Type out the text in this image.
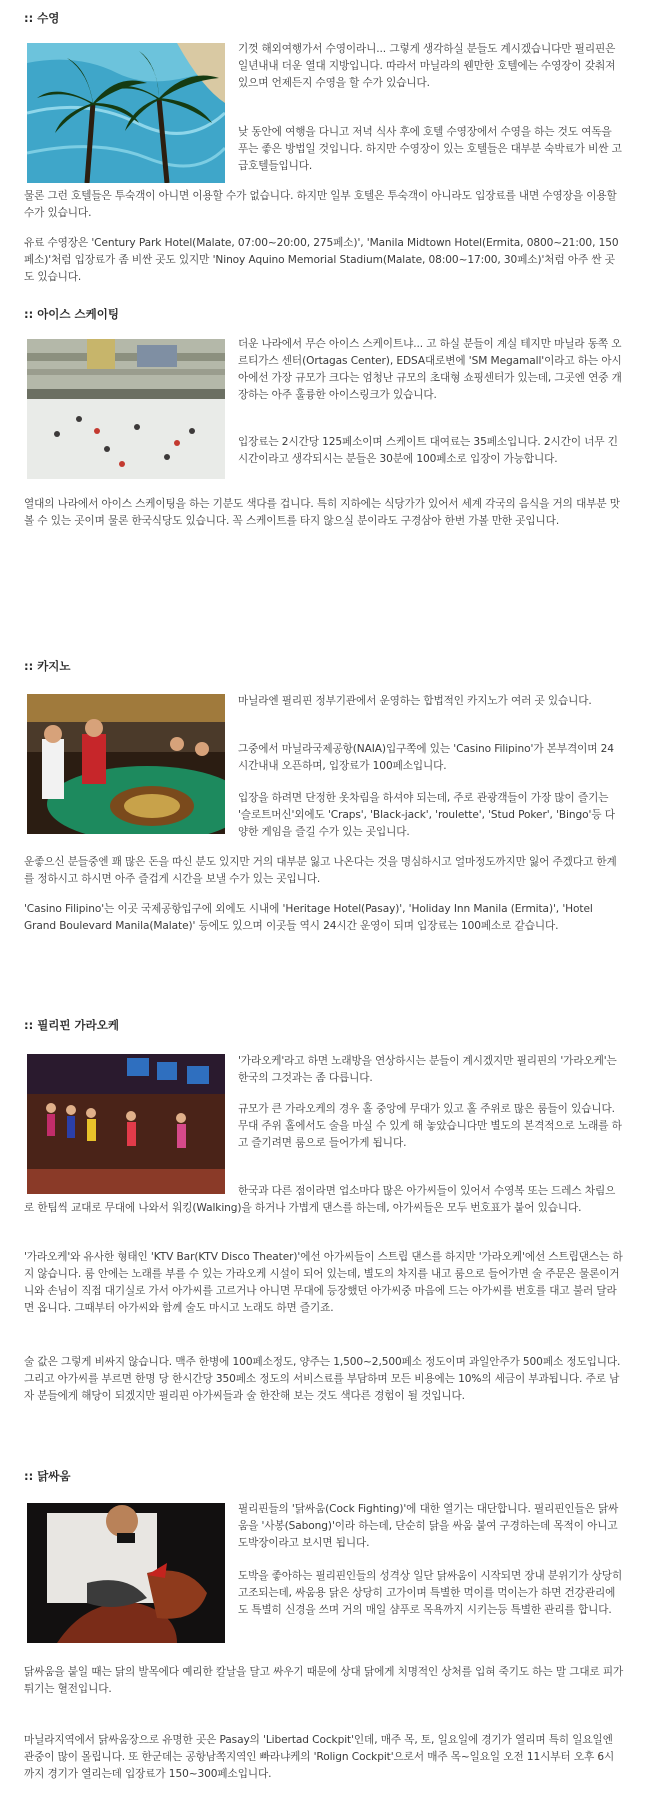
:: 수영
기껏 해외여행가서 수영이라니... 그렇게 생각하실 분들도 계시겠습니다만 필리핀은 일년내내 더운 열대 지방입니다. 따라서 마닐라의 웬만한 호텔에는 수영장이 갖춰져 있으며 언제든지 수영을 할 수가 있습니다.
낮 동안에 여행을 다니고 저녁 식사 후에 호텔 수영장에서 수영을 하는 것도 여독을 푸는 좋은 방법일 것입니다. 하지만 수영장이 있는 호텔들은 대부분 숙박료가 비싼 고급호텔들입니다.
물론 그런 호텔들은 투숙객이 아니면 이용할 수가 없습니다. 하지만 일부 호텔은 투숙객이 아니라도 입장료를 내면 수영장을 이용할 수가 있습니다.
유료 수영장은 'Century Park Hotel(Malate, 07:00~20:00, 275페소)', 'Manila Midtown Hotel(Ermita, 0800~21:00, 150페소)'처럼 입장료가 좀 비싼 곳도 있지만 'Ninoy Aquino Memorial Stadium(Malate, 08:00~17:00, 30페소)'처럼 아주 싼 곳도 있습니다.
:: 아이스 스케이팅
더운 나라에서 무슨 아이스 스케이트냐... 고 하실 분들이 계실 테지만 마닐라 동쪽 오르티가스 센터(Ortagas Center), EDSA대로변에 'SM Megamall'이라고 하는 아시아에선 가장 규모가 크다는 엄청난 규모의 초대형 쇼핑센터가 있는데, 그곳엔 연중 개장하는 아주 훌륭한 아이스링크가 있습니다.
입장료는 2시간당 125페소이며 스케이트 대여료는 35페소입니다. 2시간이 너무 긴 시간이라고 생각되시는 분들은 30분에 100페소로 입장이 가능합니다.
열대의 나라에서 아이스 스케이팅을 하는 기분도 색다를 겁니다. 특히 지하에는 식당가가 있어서 세계 각국의 음식을 거의 대부분 맛볼 수 있는 곳이며 물론 한국식당도 있습니다. 꼭 스케이트를 타지 않으실 분이라도 구경삼아 한번 가볼 만한 곳입니다.
:: 카지노
마닐라엔 필리핀 정부기관에서 운영하는 합법적인 카지노가 여러 곳 있습니다.
그중에서 마닐라국제공항(NAIA)입구쪽에 있는 'Casino Filipino'가 본부격이며 24시간내내 오픈하며, 입장료가 100페소입니다.
입장을 하려면 단정한 옷차림을 하셔야 되는데, 주로 관광객들이 가장 많이 즐기는 '슬로트머신'외에도 'Craps', 'Black-jack', 'roulette', 'Stud Poker', 'Bingo'등 다양한 게임을 즐길 수가 있는 곳입니다.
운좋으신 분들중엔 꽤 많은 돈을 따신 분도 있지만 거의 대부분 잃고 나온다는 것을 명심하시고 얼마정도까지만 잃어 주겠다고 한계를 정하시고 하시면 아주 즐겁게 시간을 보낼 수가 있는 곳입니다.
'Casino Filipino'는 이곳 국제공항입구에 외에도 시내에 'Heritage Hotel(Pasay)', 'Holiday Inn Manila (Ermita)', 'Hotel Grand Boulevard Manila(Malate)' 등에도 있으며 이곳들 역시 24시간 운영이 되며 입장료는 100페소로 같습니다.
:: 필리핀 가라오케
'가라오케'라고 하면 노래방을 연상하시는 분들이 계시겠지만 필리핀의 '가라오케'는 한국의 그것과는 좀 다릅니다.
규모가 큰 가라오케의 경우 홀 중앙에 무대가 있고 홀 주위로 많은 룸들이 있습니다. 무대 주위 홀에서도 술을 마실 수 있게 해 놓았습니다만 별도의 본격적으로 노래를 하고 즐기려면 룸으로 들어가게 됩니다.
한국과 다른 점이라면 업소마다 많은 아가씨들이 있어서 수영복 또는 드레스 차림으로 한팀씩 교대로 무대에 나와서 워킹(Walking)을 하거나 가볍게 댄스를 하는데, 아가씨들은 모두 번호표가 붙어 있습니다.
'가라오케'와 유사한 형태인 'KTV Bar(KTV Disco Theater)'에선 아가씨들이 스트립 댄스를 하지만 '가라오케'에선 스트립댄스는 하지 않습니다. 룸 안에는 노래를 부를 수 있는 가라오케 시설이 되어 있는데, 별도의 차지를 내고 룸으로 들어가면 술 주문은 물론이거니와 손님이 직접 대기실로 가서 아가씨를 고르거나 아니면 무대에 등장했던 아가씨중 마음에 드는 아가씨를 번호를 대고 불러 달라면 옵니다. 그때부터 아가씨와 함께 술도 마시고 노래도 하면 즐기죠.
술 값은 그렇게 비싸지 않습니다. 맥주 한병에 100페소정도, 양주는 1,500~2,500페소 정도이며 과일안주가 500페소 정도입니다. 그리고 아가씨를 부르면 한명 당 한시간당 350페소 정도의 서비스료를 부담하며 모든 비용에는 10%의 세금이 부과됩니다. 주로 남자 분들에게 해당이 되겠지만 필리핀 아가씨들과 술 한잔해 보는 것도 색다른 경험이 될 것입니다.
:: 닭싸움
필리핀들의 '닭싸움(Cock Fighting)'에 대한 열기는 대단합니다. 필리핀인들은 닭싸움을 '사봉(Sabong)'이라 하는데, 단순히 닭을 싸움 붙여 구경하는데 목적이 아니고 도박장이라고 보시면 됩니다.
도박을 좋아하는 필리핀인들의 성격상 일단 닭싸움이 시작되면 장내 분위기가 상당히 고조되는데, 싸움용 닭은 상당히 고가이며 특별한 먹이를 먹이는가 하면 건강관리에도 특별히 신경을 쓰며 거의 매일 샴푸로 목욕까지 시키는등 특별한 관리를 합니다.
닭싸움을 붙일 때는 닭의 발목에다 예리한 칼날을 달고 싸우기 때문에 상대 닭에게 치명적인 상처를 입혀 죽기도 하는 말 그대로 피가 튀기는 혈전입니다.
마닐라지역에서 닭싸움장으로 유명한 곳은 Pasay의 'Libertad Cockpit'인데, 매주 목, 토, 일요일에 경기가 열리며 특히 일요일엔 관중이 많이 몰립니다. 또 한군데는 공항남쪽지역인 빠라냐케의 'Rolign Cockpit'으로서 매주 목~일요일 오전 11시부터 오후 6시까지 경기가 열리는데 입장료가 150~300페소입니다.
